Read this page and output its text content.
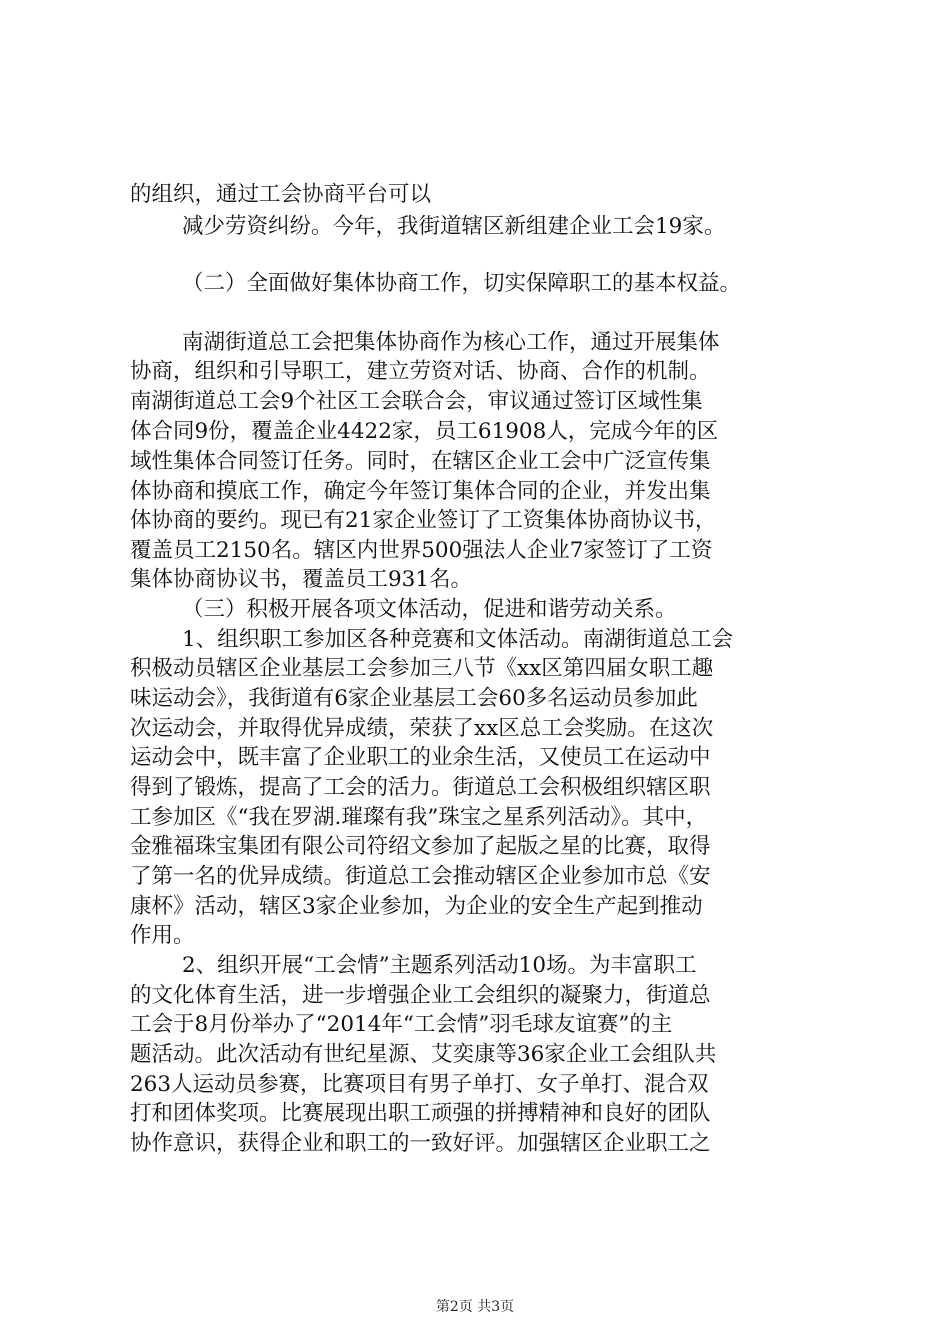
的组织，通过工会协商平台可以
减少劳资纠纷。今年，我街道辖区新组建企业工会19家。
（二）全面做好集体协商工作，切实保障职工的基本权益。
南湖街道总工会把集体协商作为核心工作，通过开展集体
协商，组织和引导职工，建立劳资对话、协商、合作的机制。
南湖街道总工会9个社区工会联合会，审议通过签订区域性集
体合同9份，覆盖企业4422家，员工61908人，完成今年的区
域性集体合同签订任务。同时，在辖区企业工会中广泛宣传集
体协商和摸底工作，确定今年签订集体合同的企业，并发出集
体协商的要约。现已有21家企业签订了工资集体协商协议书，
覆盖员工2150名。辖区内世界500强法人企业7家签订了工资
集体协商协议书，覆盖员工931名。
（三）积极开展各项文体活动，促进和谐劳动关系。
1、组织职工参加区各种竞赛和文体活动。南湖街道总工会
积极动员辖区企业基层工会参加三八节《xx区第四届女职工趣
味运动会》，我街道有6家企业基层工会60多名运动员参加此
次运动会，并取得优异成绩，荣获了xx区总工会奖励。在这次
运动会中，既丰富了企业职工的业余生活，又使员工在运动中
得到了锻炼，提高了工会的活力。街道总工会积极组织辖区职
工参加区《“我在罗湖.璀璨有我”珠宝之星系列活动》。其中，
金雅福珠宝集团有限公司符绍文参加了起版之星的比赛，取得
了第一名的优异成绩。街道总工会推动辖区企业参加市总《安
康杯》活动，辖区3家企业参加，为企业的安全生产起到推动
作用。
2、组织开展“工会情”主题系列活动10场。为丰富职工
的文化体育生活，进一步增强企业工会组织的凝聚力，街道总
工会于8月份举办了“2014年“工会情”羽毛球友谊赛”的主
题活动。此次活动有世纪星源、艾奕康等36家企业工会组队共
263人运动员参赛，比赛项目有男子单打、女子单打、混合双
打和团体奖项。比赛展现出职工顽强的拼搏精神和良好的团队
协作意识，获得企业和职工的一致好评。加强辖区企业职工之
第2页 共3页
